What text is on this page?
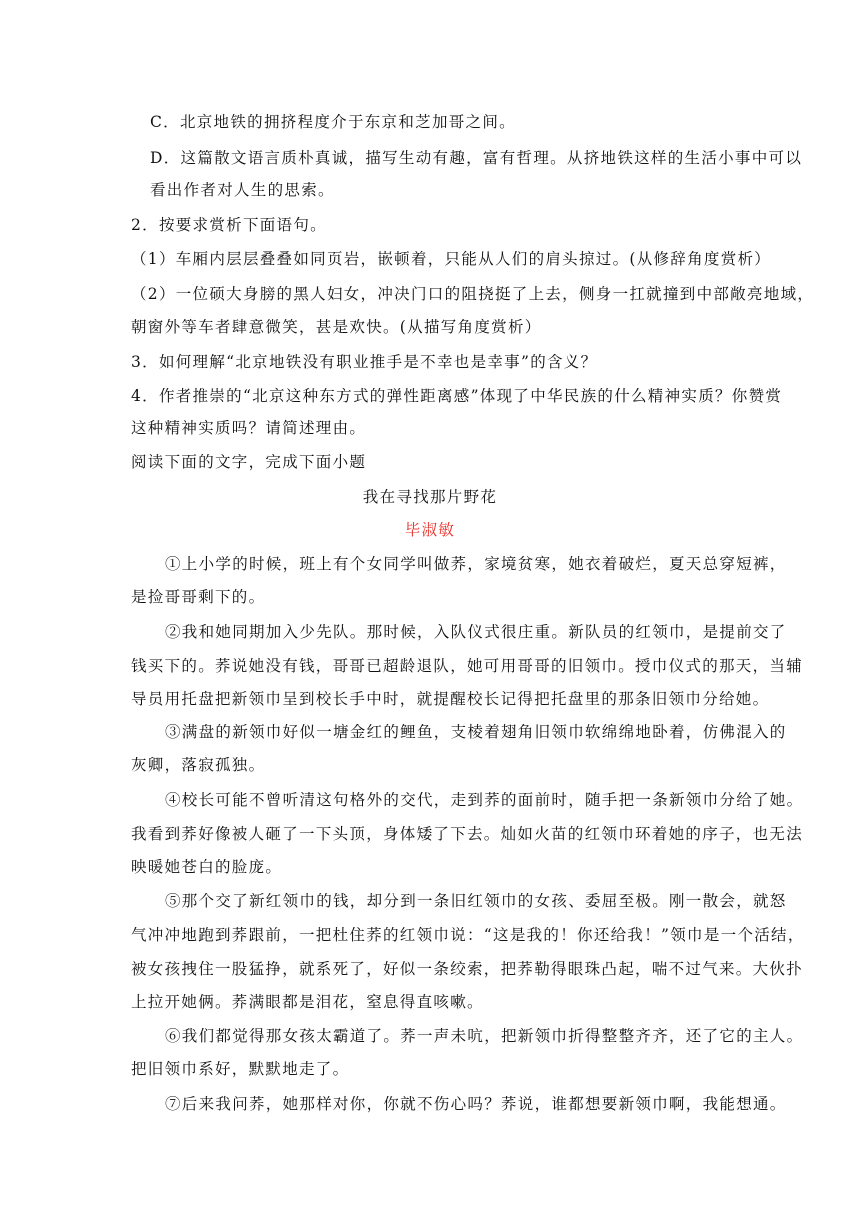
C．北京地铁的拥挤程度介于东京和芝加哥之间。
D．这篇散文语言质朴真诚，描写生动有趣，富有哲理。从挤地铁这样的生活小事中可以
看出作者对人生的思索。
2．按要求赏析下面语句。
（1）车厢内层层叠叠如同页岩，嵌顿着，只能从人们的肩头掠过。(从修辞角度赏析）
（2）一位硕大身膀的黑人妇女，冲决门口的阻挠挺了上去，侧身一扛就撞到中部敞亮地域，
朝窗外等车者肆意微笑，甚是欢快。(从描写角度赏析）
3．如何理解“北京地铁没有职业推手是不幸也是幸事”的含义？
4．作者推崇的“北京这种东方式的弹性距离感”体现了中华民族的什么精神实质？你赞赏
这种精神实质吗？请简述理由。
阅读下面的文字，完成下面小题
我在寻找那片野花
毕淑敏
①上小学的时候，班上有个女同学叫做荞，家境贫寒，她衣着破烂，夏天总穿短裤，
是捡哥哥剩下的。
②我和她同期加入少先队。那时候，入队仪式很庄重。新队员的红领巾，是提前交了
钱买下的。荞说她没有钱，哥哥已超龄退队，她可用哥哥的旧领巾。授巾仪式的那天，当辅
导员用托盘把新领巾呈到校长手中时，就提醒校长记得把托盘里的那条旧领巾分给她。
③满盘的新领巾好似一塘金红的鲤鱼，支棱着翅角旧领巾软绵绵地卧着，仿佛混入的
灰卿，落寂孤独。
④校长可能不曾听清这句格外的交代，走到荞的面前时，随手把一条新领巾分给了她。
我看到荞好像被人砸了一下头顶，身体矮了下去。灿如火苗的红领巾环着她的序子，也无法
映暖她苍白的脸庞。
⑤那个交了新红领巾的钱，却分到一条旧红领巾的女孩、委屈至极。刚一散会，就怒
气冲冲地跑到荞跟前，一把杜住荞的红领巾说：“这是我的！你还给我！”领巾是一个活结，
被女孩拽住一股猛挣，就系死了，好似一条绞索，把荞勒得眼珠凸起，喘不过气来。大伙扑
上拉开她俩。荞满眼都是泪花，窒息得直咳嗽。
⑥我们都觉得那女孩太霸道了。荞一声未吭，把新领巾折得整整齐齐，还了它的主人。
把旧领巾系好，默默地走了。
⑦后来我问荞，她那样对你，你就不伤心吗？荞说，谁都想要新领巾啊，我能想通。
